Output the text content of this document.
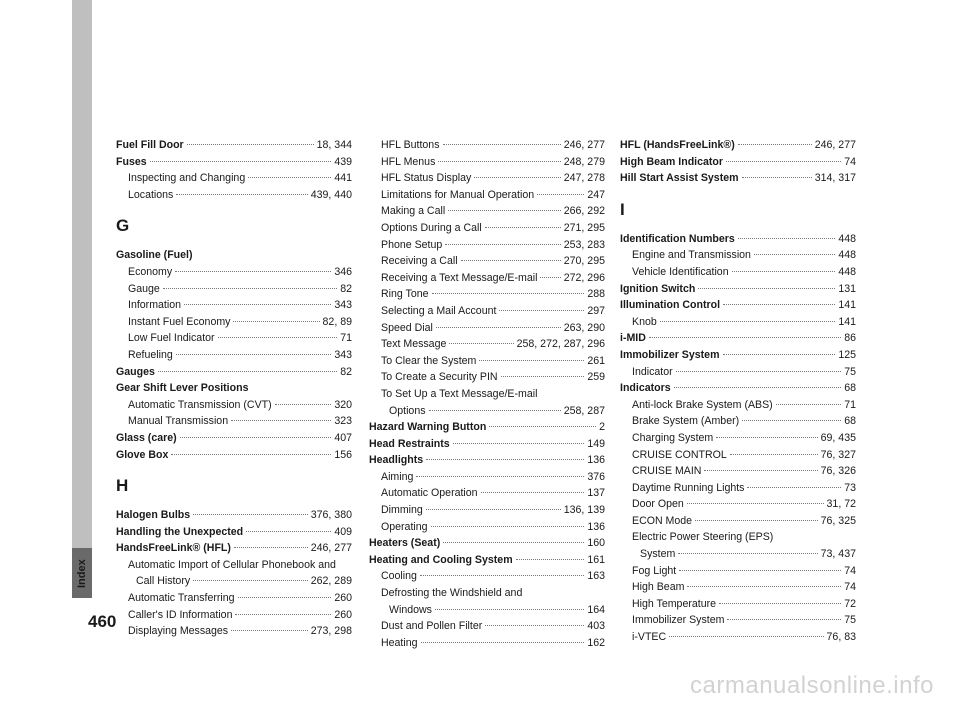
Index
460
carmanualsonline.info
Fuel Fill Door	18, 344
Fuses	439
Inspecting and Changing	441
Locations	439, 440
G
Gasoline (Fuel)
Economy	346
Gauge	82
Information	343
Instant Fuel Economy	82, 89
Low Fuel Indicator	71
Refueling	343
Gauges	82
Gear Shift Lever Positions
Automatic Transmission (CVT)	320
Manual Transmission	323
Glass (care)	407
Glove Box	156
H
Halogen Bulbs	376, 380
Handling the Unexpected	409
HandsFreeLink® (HFL)	246, 277
Automatic Import of Cellular Phonebook and
Call History	262, 289
Automatic Transferring	260
Caller's ID Information	260
Displaying Messages	273, 298
HFL Buttons	246, 277
HFL Menus	248, 279
HFL Status Display	247, 278
Limitations for Manual Operation	247
Making a Call	266, 292
Options During a Call	271, 295
Phone Setup	253, 283
Receiving a Call	270, 295
Receiving a Text Message/E-mail 272, 296
Ring Tone	288
Selecting a Mail Account	297
Speed Dial	263, 290
Text Message	258, 272, 287, 296
To Clear the System	261
To Create a Security PIN	259
To Set Up a Text Message/E-mail
Options	258, 287
Hazard Warning Button	2
Head Restraints	149
Headlights	136
Aiming	376
Automatic Operation	137
Dimming	136, 139
Operating	136
Heaters (Seat)	160
Heating and Cooling System	161
Cooling	163
Defrosting the Windshield and
Windows	164
Dust and Pollen Filter	403
Heating	162
HFL (HandsFreeLink®)	246, 277
High Beam Indicator	74
Hill Start Assist System	314, 317
I
Identification Numbers	448
Engine and Transmission	448
Vehicle Identification	448
Ignition Switch	131
Illumination Control	141
Knob	141
i-MID	86
Immobilizer System	125
Indicator	75
Indicators	68
Anti-lock Brake System (ABS)	71
Brake System (Amber)	68
Charging System	69, 435
CRUISE CONTROL	76, 327
CRUISE MAIN	76, 326
Daytime Running Lights	73
Door Open	31, 72
ECON Mode	76, 325
Electric Power Steering (EPS)
System	73, 437
Fog Light	74
High Beam	74
High Temperature	72
Immobilizer System	75
i-VTEC	76, 83
